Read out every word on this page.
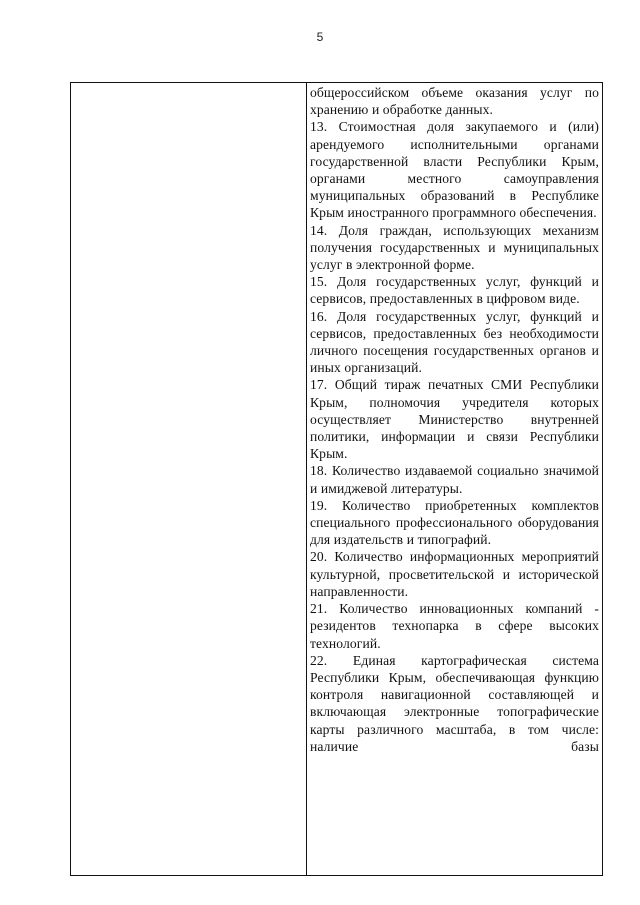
5

общероссийском объеме оказания услуг по хранению и обработке данных.

13. Стоимостная доля закупаемого и (или) арендуемого исполнительными органами государственной власти Республики Крым, органами местного самоуправления муниципальных образований в Республике Крым иностранного программного обеспечения.

14. Доля граждан, использующих механизм получения государственных и муниципальных услуг в электронной форме.

15. Доля государственных услуг, функций и сервисов, предоставленных в цифровом виде.

16. Доля государственных услуг, функций и сервисов, предоставленных без необходимости личного посещения государственных органов и иных организаций.

17. Общий тираж печатных СМИ Республики Крым, полномочия учредителя которых осуществляет Министерство внутренней политики, информации и связи Республики Крым.

18. Количество издаваемой социально значимой и имиджевой литературы.

19. Количество приобретенных комплектов специального профессионального оборудования для издательств и типографий.

20. Количество информационных мероприятий культурной, просветительской и исторической направленности.

21. Количество инновационных компаний - резидентов технопарка в сфере высоких технологий.

22. Единая картографическая система Республики Крым, обеспечивающая функцию контроля навигационной составляющей и включающая электронные топографические карты различного масштаба, в том числе: наличие базы
